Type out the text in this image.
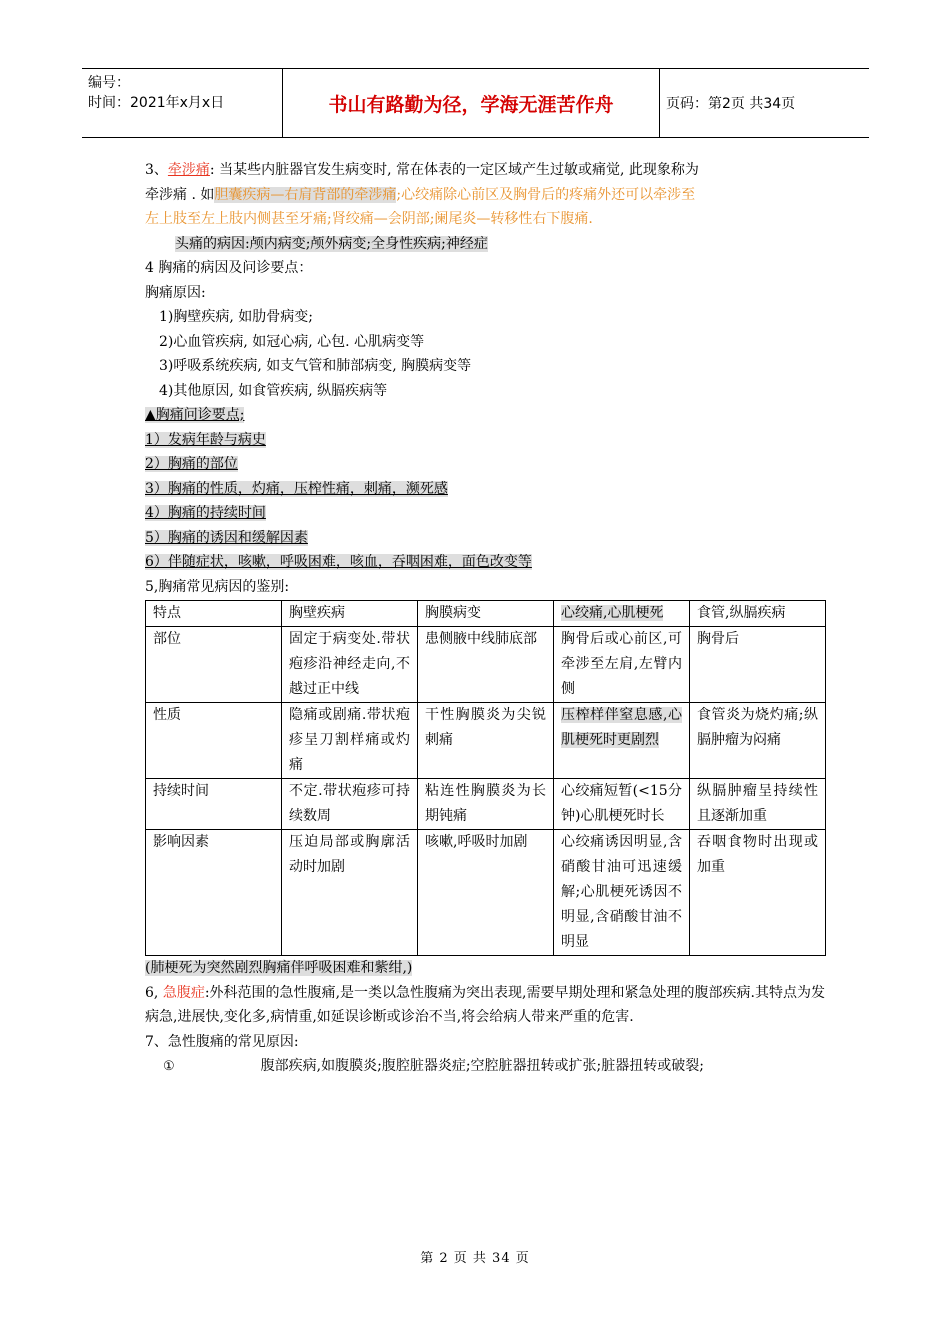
编号：
时间：2021年x月x日	书山有路勤为径，学海无涯苦作舟	页码：第2页 共34页
3、牵涉痛: 当某些内脏器官发生病变时, 常在体表的一定区域产生过敏或痛觉, 此现象称为
牵涉痛 . 如胆囊疾病—右肩背部的牵涉痛;心绞痛除心前区及胸骨后的疼痛外还可以牵涉至
左上肢至左上肢内侧甚至牙痛;肾绞痛—会阴部;阑尾炎—转移性右下腹痛.
头痛的病因:颅内病变;颅外病变;全身性疾病;神经症
4 胸痛的病因及问诊要点：
胸痛原因:
1)胸壁疾病, 如肋骨病变;
2)心血管疾病, 如冠心病, 心包. 心肌病变等
3)呼吸系统疾病, 如支气管和肺部病变, 胸膜病变等
4)其他原因, 如食管疾病, 纵膈疾病等
▲胸痛问诊要点;
1）发病年龄与病史
2）胸痛的部位
3）胸痛的性质，灼痛，压榨性痛，刺痛，濒死感
4）胸痛的持续时间
5）胸痛的诱因和缓解因素
6）伴随症状，咳嗽，呼吸困难，咳血，吞咽困难，面色改变等
5,胸痛常见病因的鉴别:
特点	胸壁疾病	胸膜病变	心绞痛,心肌梗死	食管,纵膈疾病
部位	固定于病变处.带状疱疹沿神经走向,不越过正中线	患侧腋中线肺底部	胸骨后或心前区,可牵涉至左肩,左臂内侧	胸骨后
性质	隐痛或剧痛.带状疱疹呈刀割样痛或灼痛	干性胸膜炎为尖锐刺痛	压榨样伴窒息感,心肌梗死时更剧烈	食管炎为烧灼痛;纵膈肿瘤为闷痛
持续时间	不定.带状疱疹可持续数周	粘连性胸膜炎为长期钝痛	心绞痛短暂(<15分钟)心肌梗死时长	纵膈肿瘤呈持续性且逐渐加重
影响因素	压迫局部或胸廓活动时加剧	咳嗽,呼吸时加剧	心绞痛诱因明显,含硝酸甘油可迅速缓解;心肌梗死诱因不明显,含硝酸甘油不明显	吞咽食物时出现或加重
(肺梗死为突然剧烈胸痛伴呼吸困难和紫绀,)
6, 急腹症:外科范围的急性腹痛,是一类以急性腹痛为突出表现,需要早期处理和紧急处理的腹部疾病.其特点为发病急,进展快,变化多,病情重,如延误诊断或诊治不当,将会给病人带来严重的危害.
7、急性腹痛的常见原因:
①	腹部疾病,如腹膜炎;腹腔脏器炎症;空腔脏器扭转或扩张;脏器扭转或破裂;
第 2 页 共 34 页
